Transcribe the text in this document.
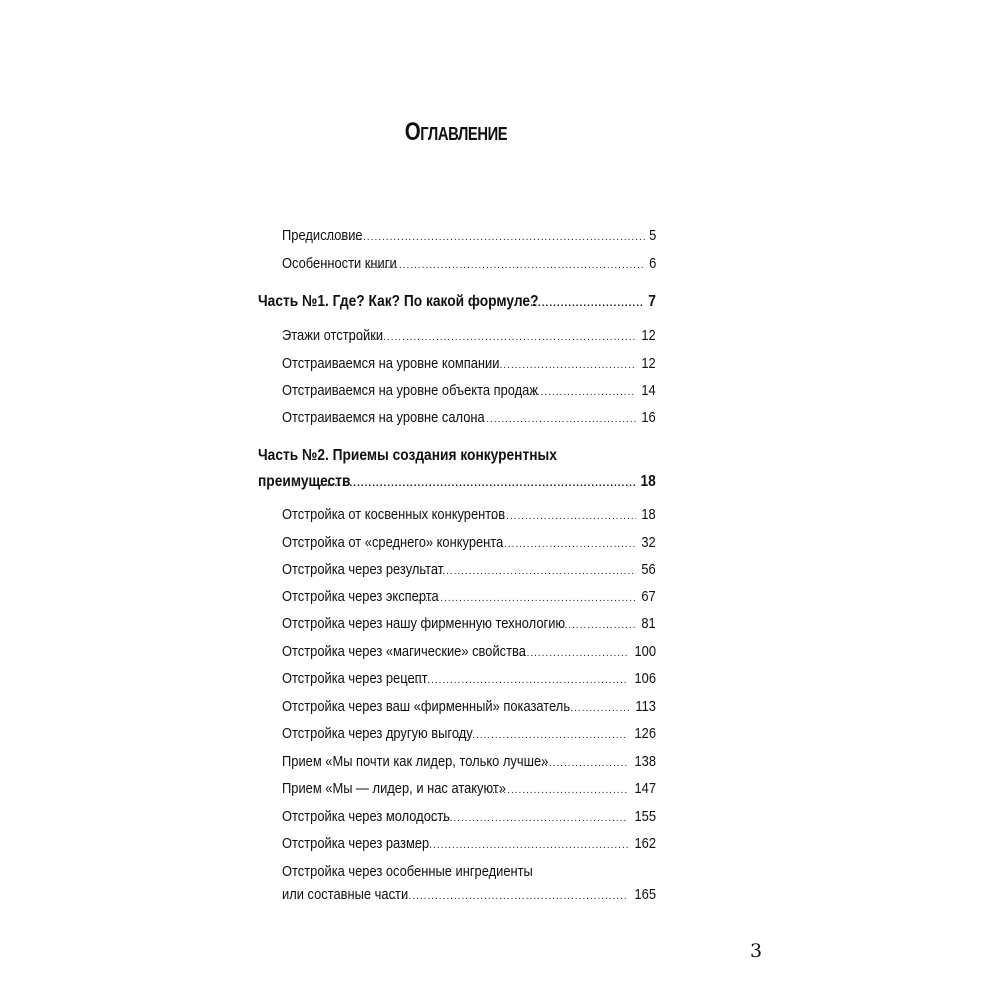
Оглавление
Предисловие .....	5
Особенности книги .....	6
Часть №1. Где? Как? По какой формуле? .....	7
Этажи отстройки .....	12
Отстраиваемся на уровне компании .....	12
Отстраиваемся на уровне объекта продаж .....	14
Отстраиваемся на уровне салона .....	16
Часть №2. Приемы создания конкурентных
преимуществ .....	18
Отстройка от косвенных конкурентов .....	18
Отстройка от «среднего» конкурента .....	32
Отстройка через результат .....	56
Отстройка через эксперта .....	67
Отстройка через нашу фирменную технологию .....	81
Отстройка через «магические» свойства .....	100
Отстройка через рецепт .....	106
Отстройка через ваш «фирменный» показатель .....	113
Отстройка через другую выгоду .....	126
Прием «Мы почти как лидер, только лучше» .....	138
Прием «Мы — лидер, и нас атакуют» .....	147
Отстройка через молодость .....	155
Отстройка через размер .....	162
Отстройка через особенные ингредиенты
или составные части .....	165
3
